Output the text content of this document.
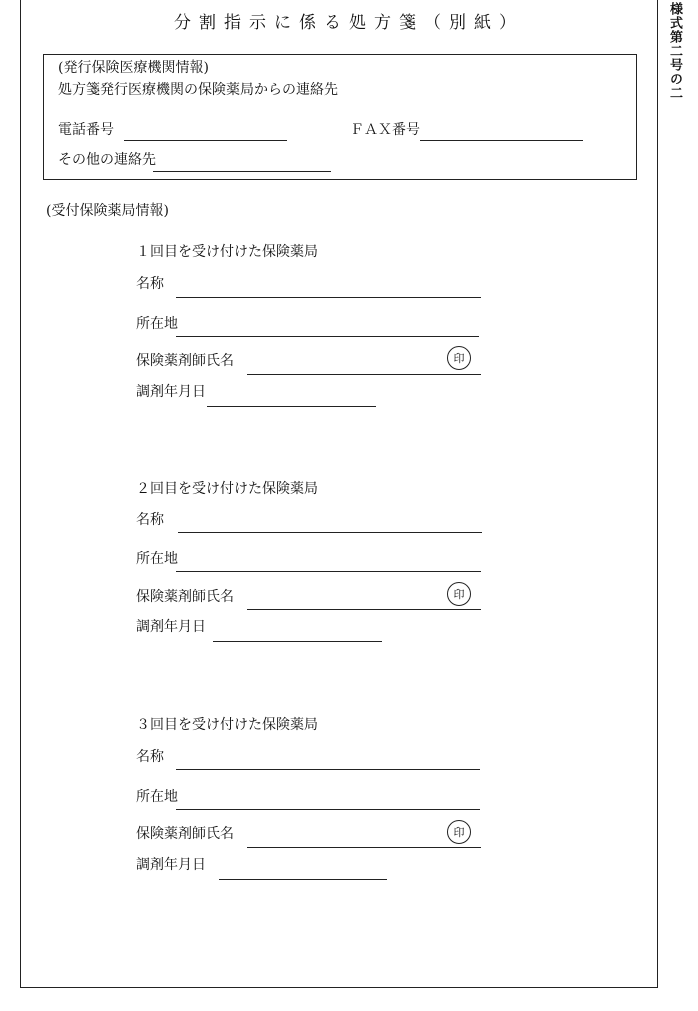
様式第二号の二
分割指示に係る処方箋（別紙）
(発行保険医療機関情報)
処方箋発行医療機関の保険薬局からの連絡先
電話番号	ＦＡＸ番号
その他の連絡先
(受付保険薬局情報)
１回目を受け付けた保険薬局
名称
所在地
保険薬剤師氏名	印
調剤年月日
２回目を受け付けた保険薬局
名称
所在地
保険薬剤師氏名	印
調剤年月日
３回目を受け付けた保険薬局
名称
所在地
保険薬剤師氏名	印
調剤年月日
